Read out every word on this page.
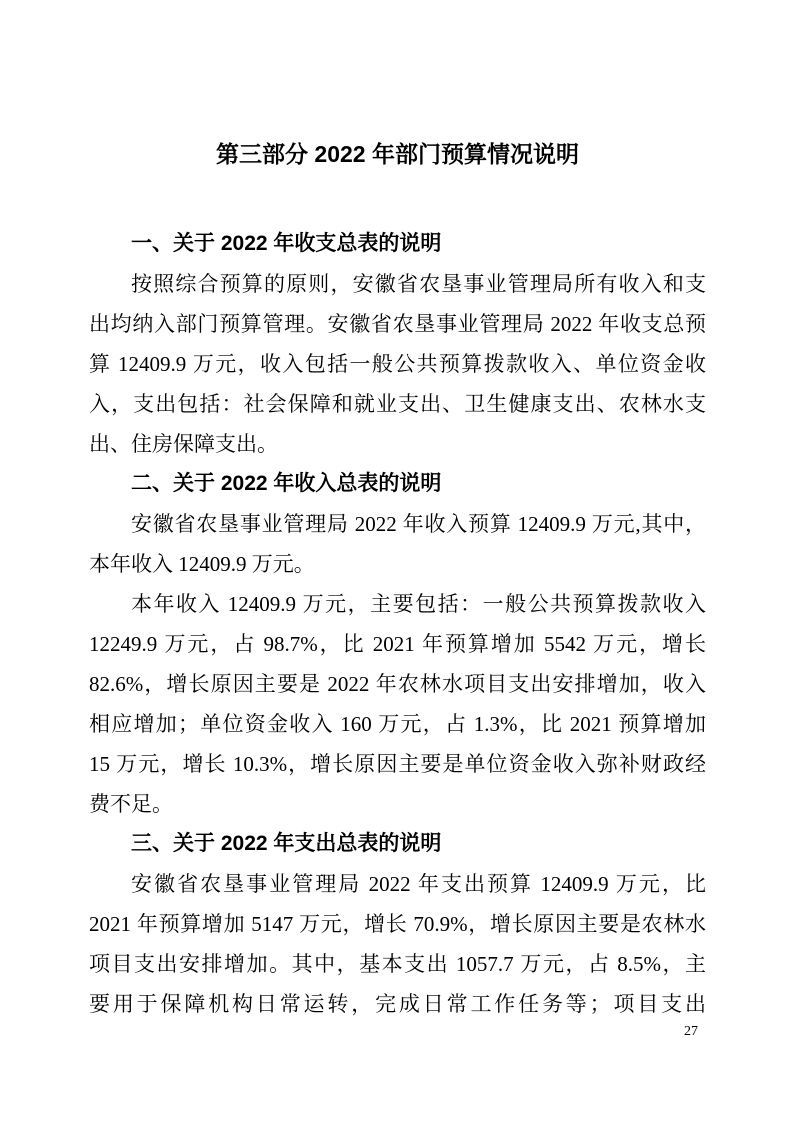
第三部分 2022 年部门预算情况说明
一、关于 2022 年收支总表的说明
按照综合预算的原则，安徽省农垦事业管理局所有收入和支
出均纳入部门预算管理。安徽省农垦事业管理局 2022 年收支总预
算 12409.9 万元，收入包括一般公共预算拨款收入、单位资金收
入，支出包括：社会保障和就业支出、卫生健康支出、农林水支
出、住房保障支出。
二、关于 2022 年收入总表的说明
安徽省农垦事业管理局 2022 年收入预算 12409.9 万元,其中，
本年收入 12409.9 万元。
本年收入 12409.9 万元，主要包括：一般公共预算拨款收入
12249.9 万元，占 98.7%，比 2021 年预算增加 5542 万元，增长
82.6%，增长原因主要是 2022 年农林水项目支出安排增加，收入
相应增加；单位资金收入 160 万元，占 1.3%，比 2021 预算增加
15 万元，增长 10.3%，增长原因主要是单位资金收入弥补财政经
费不足。
三、关于 2022 年支出总表的说明
安徽省农垦事业管理局 2022 年支出预算 12409.9 万元，比
2021 年预算增加 5147 万元，增长 70.9%，增长原因主要是农林水
项目支出安排增加。其中，基本支出 1057.7 万元，占 8.5%，主
要用于保障机构日常运转，完成日常工作任务等；项目支出
27
